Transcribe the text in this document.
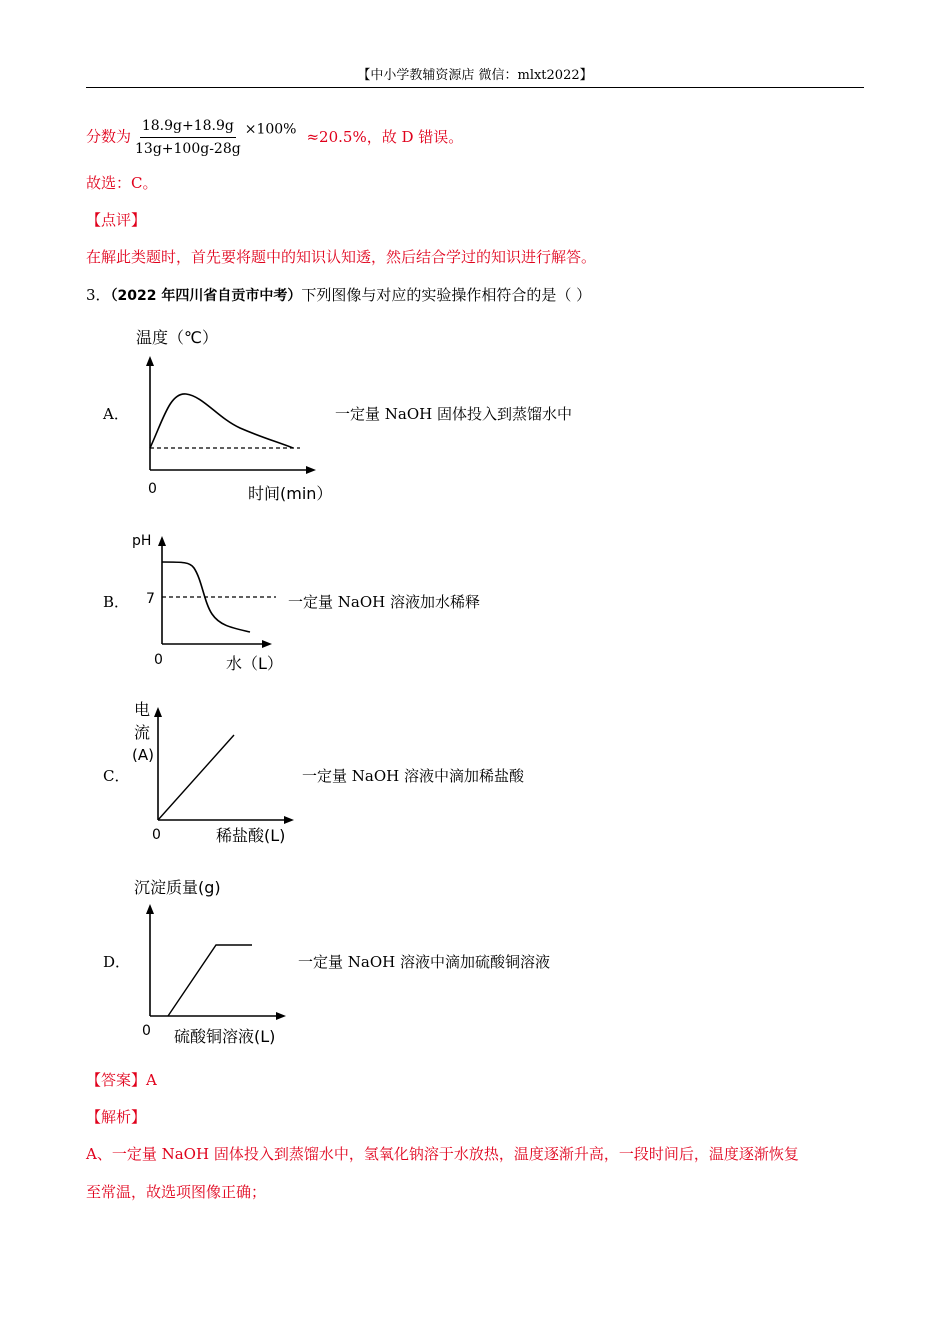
【中小学教辅资源店 微信：mlxt2022】
分数为 $\frac{18.9g+18.9g}{13g+100g-28g} \times 100\% \approx 20.5\%$，故 D 错误。
故选：C。
【点评】
在解此类题时，首先要将题中的知识认知透，然后结合学过的知识进行解答。
3．（2022 年四川省自贡市中考）下列图像与对应的实验操作相符合的是（ ）
A．
温度（℃）
0	时间(min）
一定量 NaOH 固体投入到蒸馏水中
B．
pH
7
0	水（L）
一定量 NaOH 溶液加水稀释
C．
电
流
(A)
0	稀盐酸(L)
一定量 NaOH 溶液中滴加稀盐酸
D．
沉淀质量(g)
0 硫酸铜溶液(L)
一定量 NaOH 溶液中滴加硫酸铜溶液
【答案】A
【解析】
A、一定量 NaOH 固体投入到蒸馏水中，氢氧化钠溶于水放热，温度逐渐升高，一段时间后，温度逐渐恢复
至常温，故选项图像正确；
